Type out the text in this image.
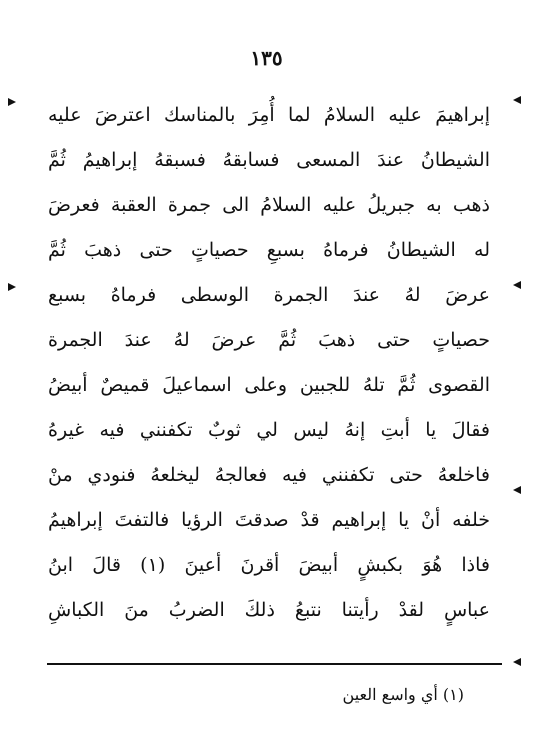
١٣٥
إبراهيمَ عليه السلامُ لما أُمِرَ بالمناسك اعترضَ عليه
الشيطانُ عندَ المسعى فسابقهُ فسبقهُ إبراهيمُ ثُمَّ
ذهب به جبريلُ عليه السلامُ الى جمرة العقبة فعرضَ
له الشيطانُ فرماهُ بسبعِ حصياتٍ حتى ذهبَ ثُمَّ
عرضَ لهُ عندَ الجمرة الوسطى فرماهُ بسبع
حصياتٍ حتى ذهبَ ثُمَّ عرضَ لهُ عندَ الجمرة
القصوى ثُمَّ تلهُ للجبين وعلى اسماعيلَ قميصٌ أبيضُ
فقالَ يا أبتِ إنهُ ليس لي ثوبٌ تكفنني فيه غيرهُ
فاخلعهُ حتى تكفنني فيه فعالجهُ ليخلعهُ فنودي منْ
خلفه أنْ يا إبراهيم قدْ صدقتَ الرؤيا فالتفتَ إبراهيمُ
فاذا هُوَ بكبشٍ أبيضَ أقرنَ أعينَ (١) قالَ ابنُ
عباسٍ لقدْ رأيتنا نتبعُ ذلكَ الضربُ منَ الكباشِ
(١) أي واسع العين
